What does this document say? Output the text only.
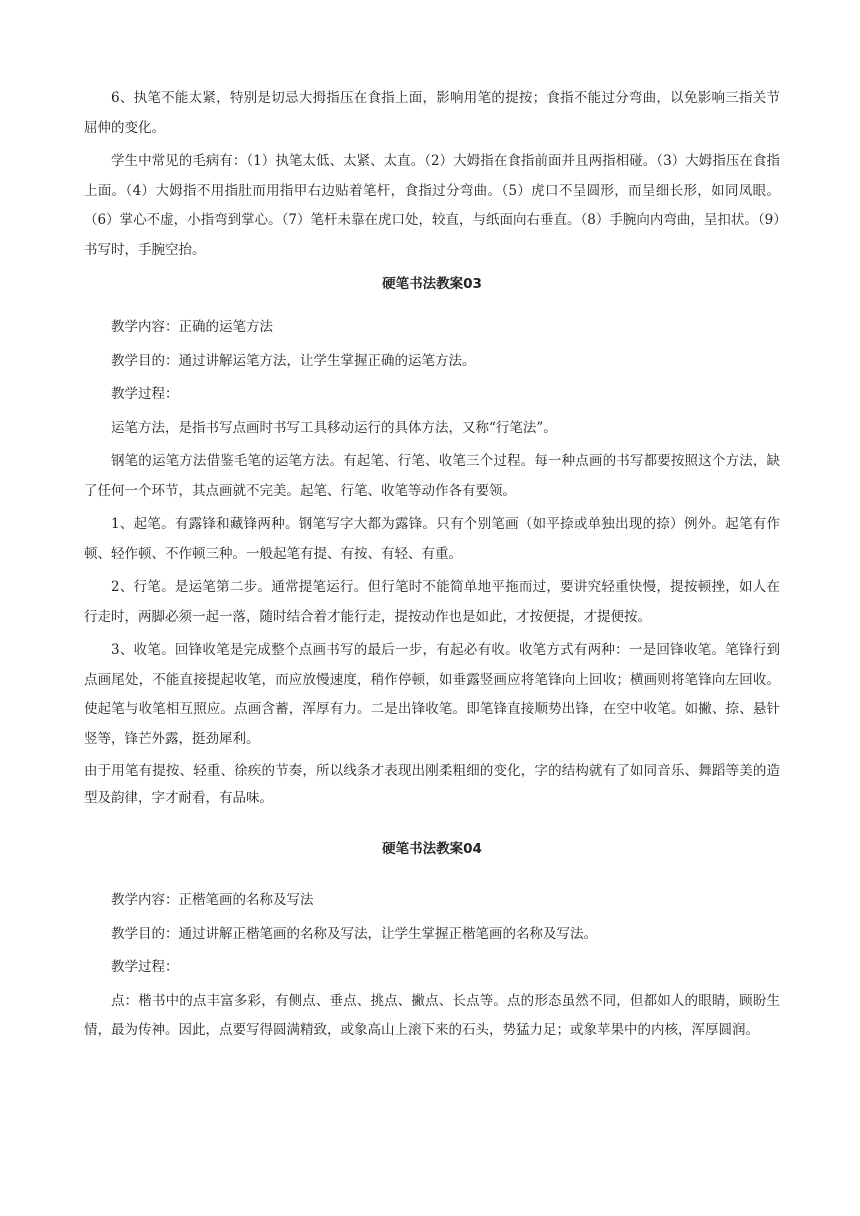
6、执笔不能太紧，特别是切忌大拇指压在食指上面，影响用笔的提按；食指不能过分弯曲，以免影响三指关节屈伸的变化。

学生中常见的毛病有：（1）执笔太低、太紧、太直。（2）大姆指在食指前面并且两指相碰。（3）大姆指压在食指上面。（4）大姆指不用指肚而用指甲右边贴着笔杆，食指过分弯曲。（5）虎口不呈圆形，而呈细长形，如同凤眼。（6）掌心不虚，小指弯到掌心。（7）笔杆未靠在虎口处，较直，与纸面向右垂直。（8）手腕向内弯曲，呈扣状。（9）书写时，手腕空抬。

硬笔书法教案03

教学内容：正确的运笔方法

教学目的：通过讲解运笔方法，让学生掌握正确的运笔方法。

教学过程：

运笔方法，是指书写点画时书写工具移动运行的具体方法，又称“行笔法”。

钢笔的运笔方法借鉴毛笔的运笔方法。有起笔、行笔、收笔三个过程。每一种点画的书写都要按照这个方法，缺了任何一个环节，其点画就不完美。起笔、行笔、收笔等动作各有要领。

1、起笔。有露锋和藏锋两种。钢笔写字大都为露锋。只有个别笔画（如平捺或单独出现的捺）例外。起笔有作顿、轻作顿、不作顿三种。一般起笔有提、有按、有轻、有重。

2、行笔。是运笔第二步。通常提笔运行。但行笔时不能简单地平拖而过，要讲究轻重快慢，提按顿挫，如人在行走时，两脚必须一起一落，随时结合着才能行走，提按动作也是如此，才按便提，才提便按。

3、收笔。回锋收笔是完成整个点画书写的最后一步，有起必有收。收笔方式有两种：一是回锋收笔。笔锋行到点画尾处，不能直接提起收笔，而应放慢速度，稍作停顿，如垂露竖画应将笔锋向上回收；横画则将笔锋向左回收。使起笔与收笔相互照应。点画含蓄，浑厚有力。二是出锋收笔。即笔锋直接顺势出锋，在空中收笔。如撇、捺、悬针竖等，锋芒外露，挺劲犀利。

由于用笔有提按、轻重、徐疾的节奏，所以线条才表现出刚柔粗细的变化，字的结构就有了如同音乐、舞蹈等美的造型及韵律，字才耐看，有品味。

硬笔书法教案04

教学内容：正楷笔画的名称及写法

教学目的：通过讲解正楷笔画的名称及写法，让学生掌握正楷笔画的名称及写法。

教学过程：

点：楷书中的点丰富多彩，有侧点、垂点、挑点、撇点、长点等。点的形态虽然不同，但都如人的眼睛，顾盼生情，最为传神。因此，点要写得圆满精致，或象高山上滚下来的石头，势猛力足；或象苹果中的内核，浑厚圆润。
